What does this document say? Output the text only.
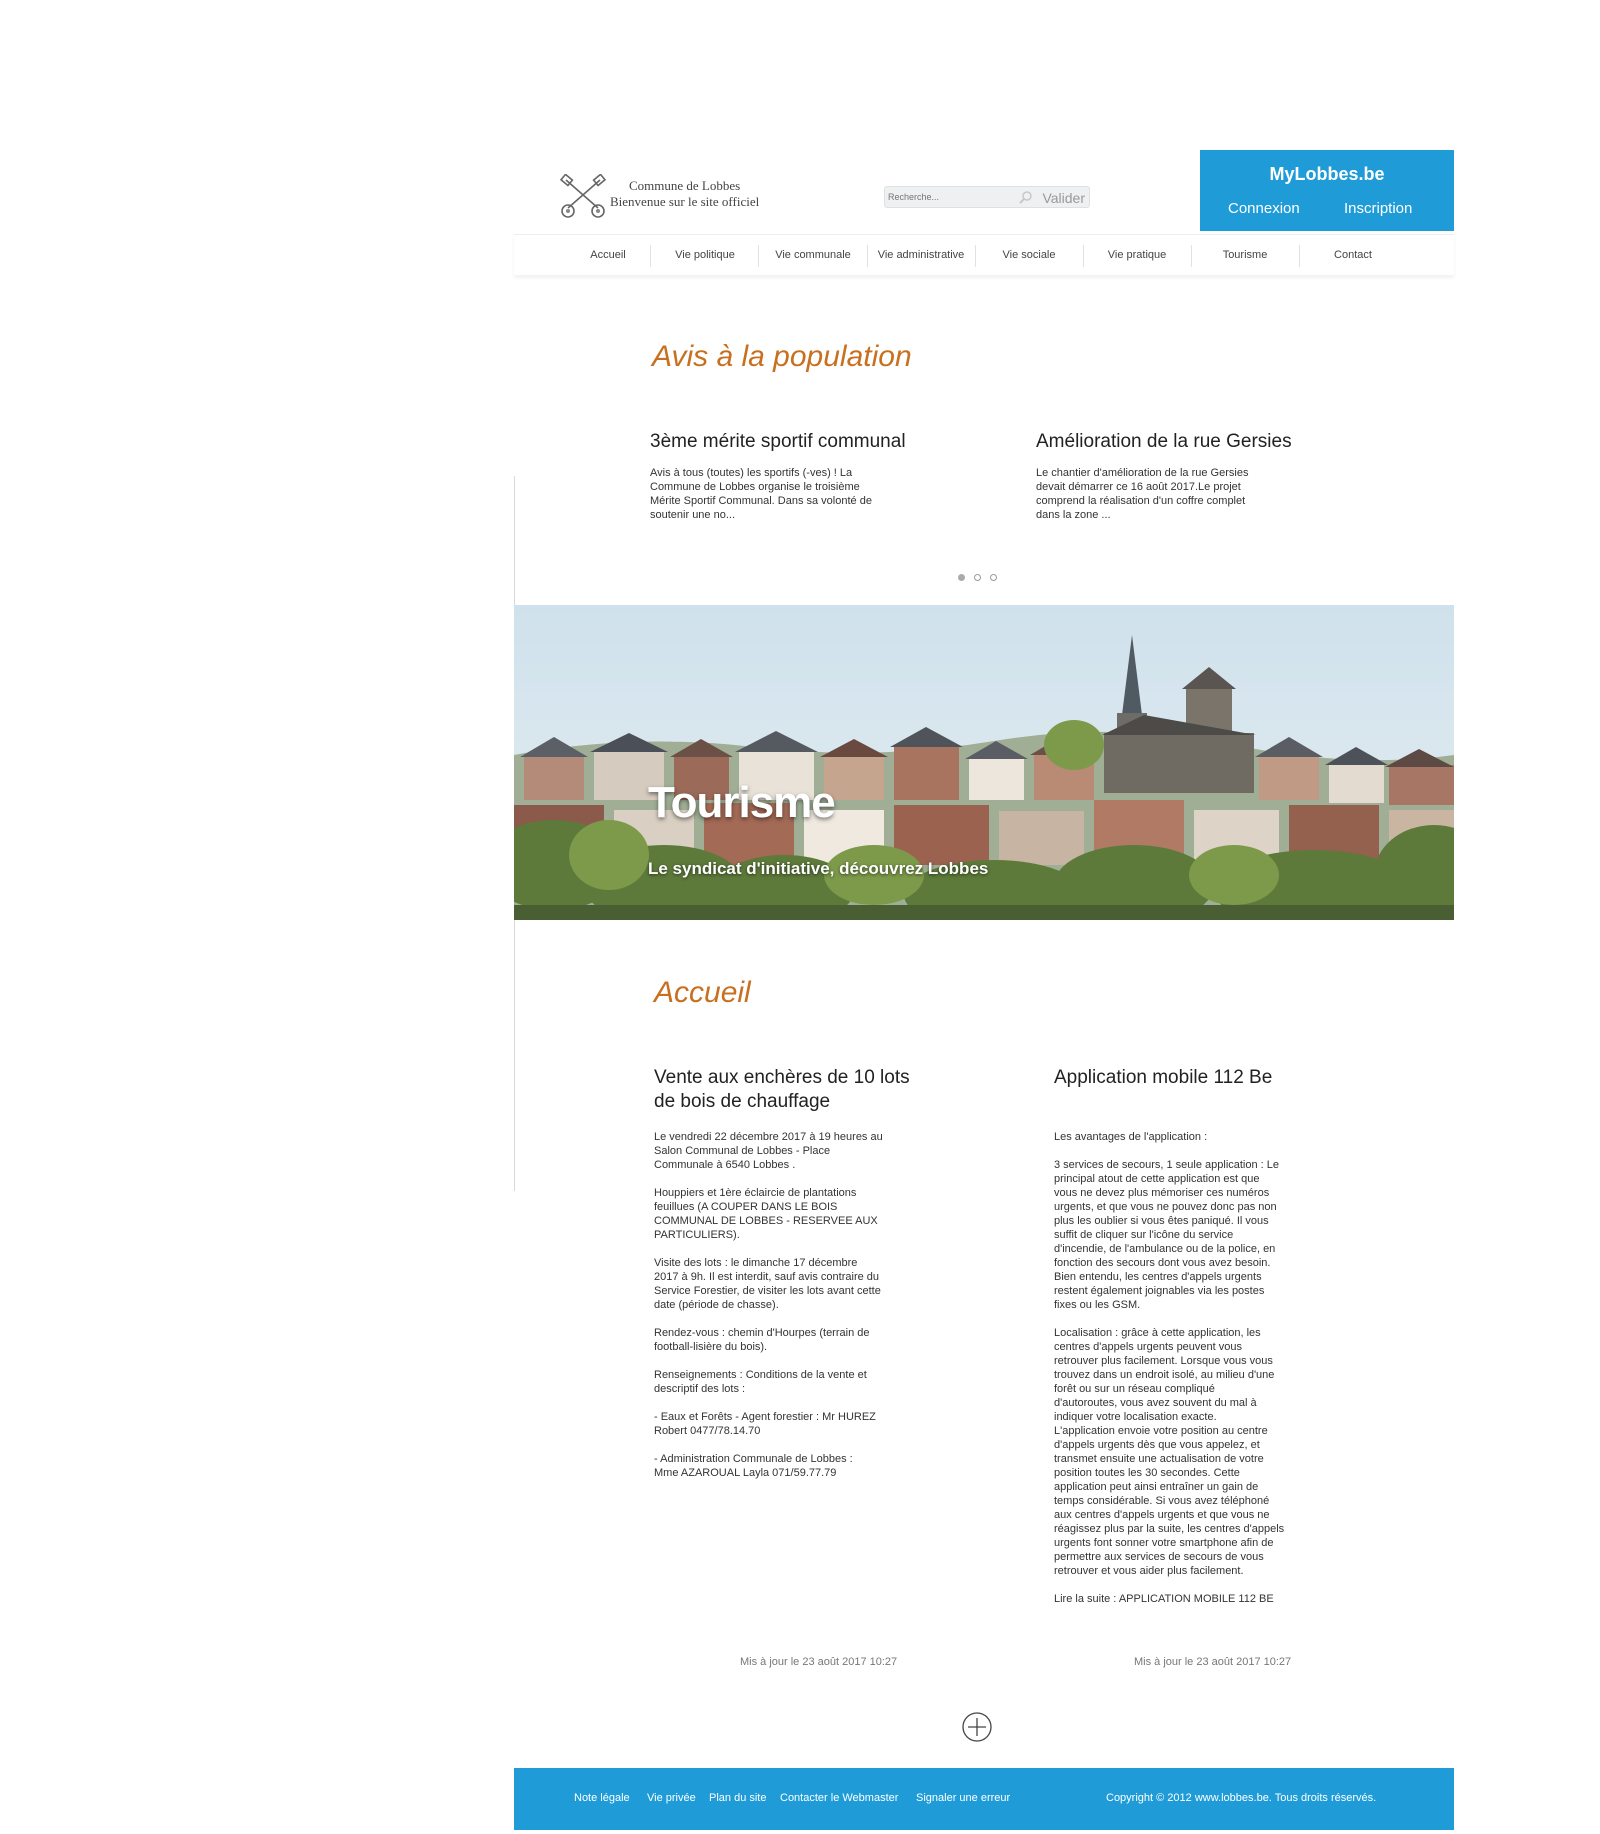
Commune de Lobbes
Bienvenue sur le site officiel
Recherche...	Valider
MyLobbes.be
Connexion	Inscription
Accueil	Vie politique	Vie communale	Vie administrative	Vie sociale	Vie pratique	Tourisme	Contact
Avis à la population
3ème mérite sportif communal
Avis à tous (toutes) les sportifs (-ves) ! La
Commune de Lobbes organise le troisième
Mérite Sportif Communal. Dans sa volonté de
soutenir une no...
Amélioration de la rue Gersies
Le chantier d'amélioration de la rue Gersies
devait démarrer ce 16 août 2017.Le projet
comprend la réalisation d'un coffre complet
dans la zone ...
Tourisme
Le syndicat d'initiative, découvrez Lobbes
Accueil
Vente aux enchères de 10 lots
de bois de chauffage
Le vendredi 22 décembre 2017 à 19 heures au
Salon Communal de Lobbes - Place
Communale à 6540 Lobbes .

Houppiers et 1ère éclaircie de plantations
feuillues (A COUPER DANS LE BOIS
COMMUNAL DE LOBBES - RESERVEE AUX
PARTICULIERS).

Visite des lots : le dimanche 17 décembre
2017 à 9h. Il est interdit, sauf avis contraire du
Service Forestier, de visiter les lots avant cette
date (période de chasse).

Rendez-vous : chemin d'Hourpes (terrain de
football-lisière du bois).

Renseignements : Conditions de la vente et
descriptif des lots :

- Eaux et Forêts - Agent forestier : Mr HUREZ
Robert 0477/78.14.70

- Administration Communale de Lobbes :
Mme AZAROUAL Layla 071/59.77.79
Application mobile 112 Be
Les avantages de l'application :

3 services de secours, 1 seule application : Le
principal atout de cette application est que
vous ne devez plus mémoriser ces numéros
urgents, et que vous ne pouvez donc pas non
plus les oublier si vous êtes paniqué. Il vous
suffit de cliquer sur l'icône du service
d'incendie, de l'ambulance ou de la police, en
fonction des secours dont vous avez besoin.
Bien entendu, les centres d'appels urgents
restent également joignables via les postes
fixes ou les GSM.

Localisation : grâce à cette application, les
centres d'appels urgents peuvent vous
retrouver plus facilement. Lorsque vous vous
trouvez dans un endroit isolé, au milieu d'une
forêt ou sur un réseau compliqué
d'autoroutes, vous avez souvent du mal à
indiquer votre localisation exacte.
L'application envoie votre position au centre
d'appels urgents dès que vous appelez, et
transmet ensuite une actualisation de votre
position toutes les 30 secondes. Cette
application peut ainsi entraîner un gain de
temps considérable. Si vous avez téléphoné
aux centres d'appels urgents et que vous ne
réagissez plus par la suite, les centres d'appels
urgents font sonner votre smartphone afin de
permettre aux services de secours de vous
retrouver et vous aider plus facilement.

Lire la suite : APPLICATION MOBILE 112 BE
Mis à jour le 23 août 2017 10:27	Mis à jour le 23 août 2017 10:27
Note légale Vie privée Plan du site Contacter le Webmaster Signaler une erreur	Copyright © 2012 www.lobbes.be. Tous droits réservés.
